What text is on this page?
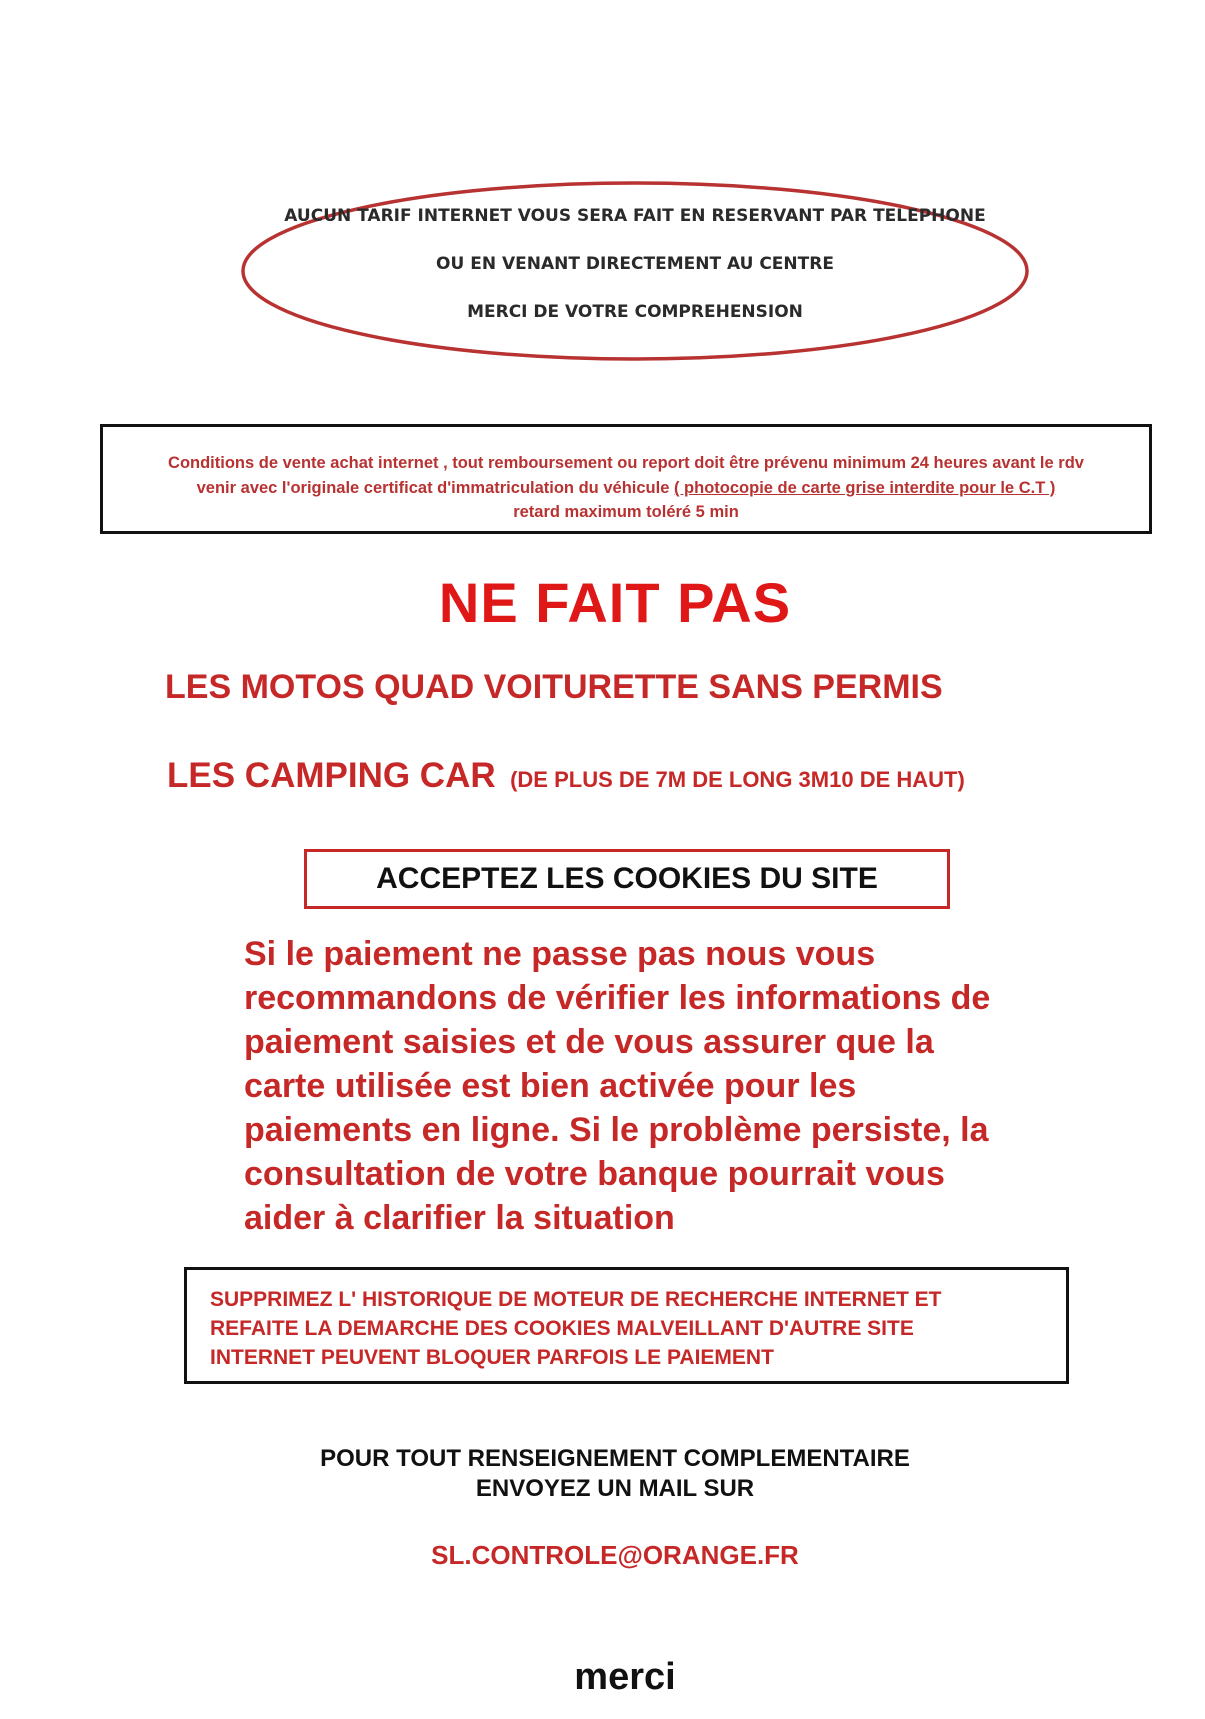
AUCUN TARIF INTERNET VOUS SERA FAIT EN RESERVANT PAR TELEPHONE
OU EN VENANT DIRECTEMENT AU CENTRE
MERCI DE VOTRE COMPREHENSION
Conditions de vente achat internet , tout remboursement ou report doit être prévenu minimum 24 heures avant le rdv
venir avec l'originale certificat d'immatriculation du véhicule ( photocopie de carte grise interdite pour le C.T )
retard maximum toléré 5 min
NE FAIT PAS
LES MOTOS QUAD VOITURETTE SANS PERMIS
LES CAMPING CAR (DE PLUS DE 7M DE LONG 3M10 DE HAUT)
ACCEPTEZ LES COOKIES DU SITE
Si le paiement ne passe pas nous vous
recommandons de vérifier les informations de
paiement saisies et de vous assurer que la
carte utilisée est bien activée pour les
paiements en ligne. Si le problème persiste, la
consultation de votre banque pourrait vous
aider à clarifier la situation
SUPPRIMEZ L' HISTORIQUE DE MOTEUR DE RECHERCHE INTERNET ET
REFAITE LA DEMARCHE DES COOKIES MALVEILLANT D'AUTRE SITE
INTERNET PEUVENT BLOQUER PARFOIS LE PAIEMENT
POUR TOUT RENSEIGNEMENT COMPLEMENTAIRE
ENVOYEZ UN MAIL SUR
SL.CONTROLE@ORANGE.FR
merci
